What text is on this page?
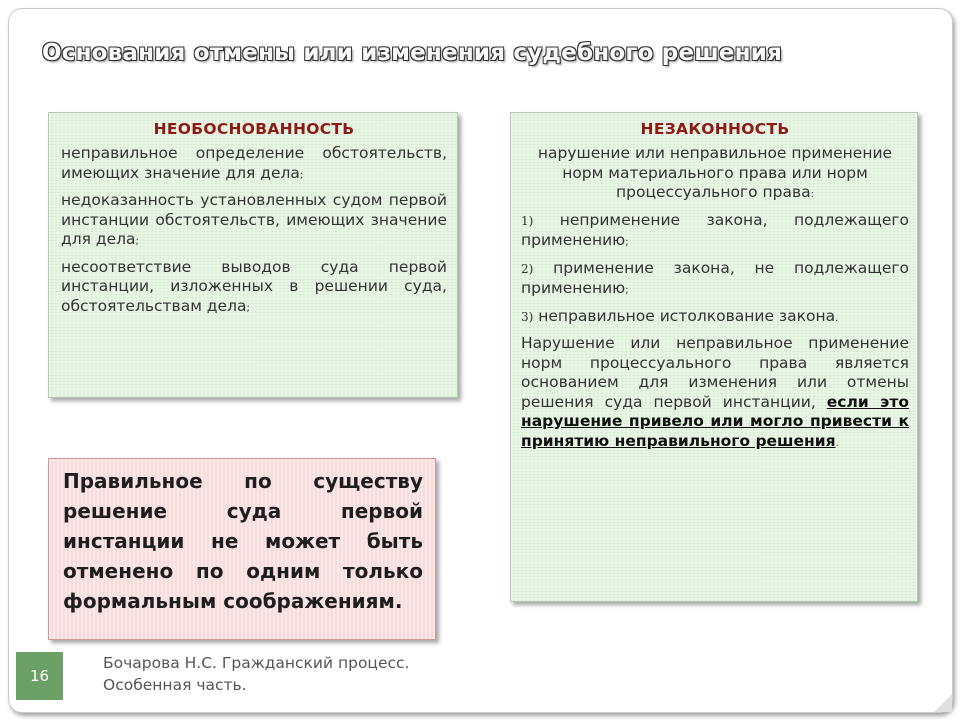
Основания отмены или изменения судебного решения
НЕОБОСНОВАННОСТЬ
неправильное определение обстоятельств, имеющих значение для дела;
недоказанность установленных судом первой инстанции обстоятельств, имеющих значение для дела;
несоответствие выводов суда первой инстанции, изложенных в решении суда, обстоятельствам дела;
НЕЗАКОННОСТЬ
нарушение или неправильное применение норм материального права или норм процессуального права:
1) неприменение закона, подлежащего применению;
2) применение закона, не подлежащего применению;
3) неправильное истолкование закона.
Нарушение или неправильное применение норм процессуального права является основанием для изменения или отмены решения суда первой инстанции, если это нарушение привело или могло привести к принятию неправильного решения.
Правильное по существу решение суда первой инстанции не может быть отменено по одним только формальным соображениям.
16
Бочарова Н.С. Гражданский процесс.
Особенная часть.
